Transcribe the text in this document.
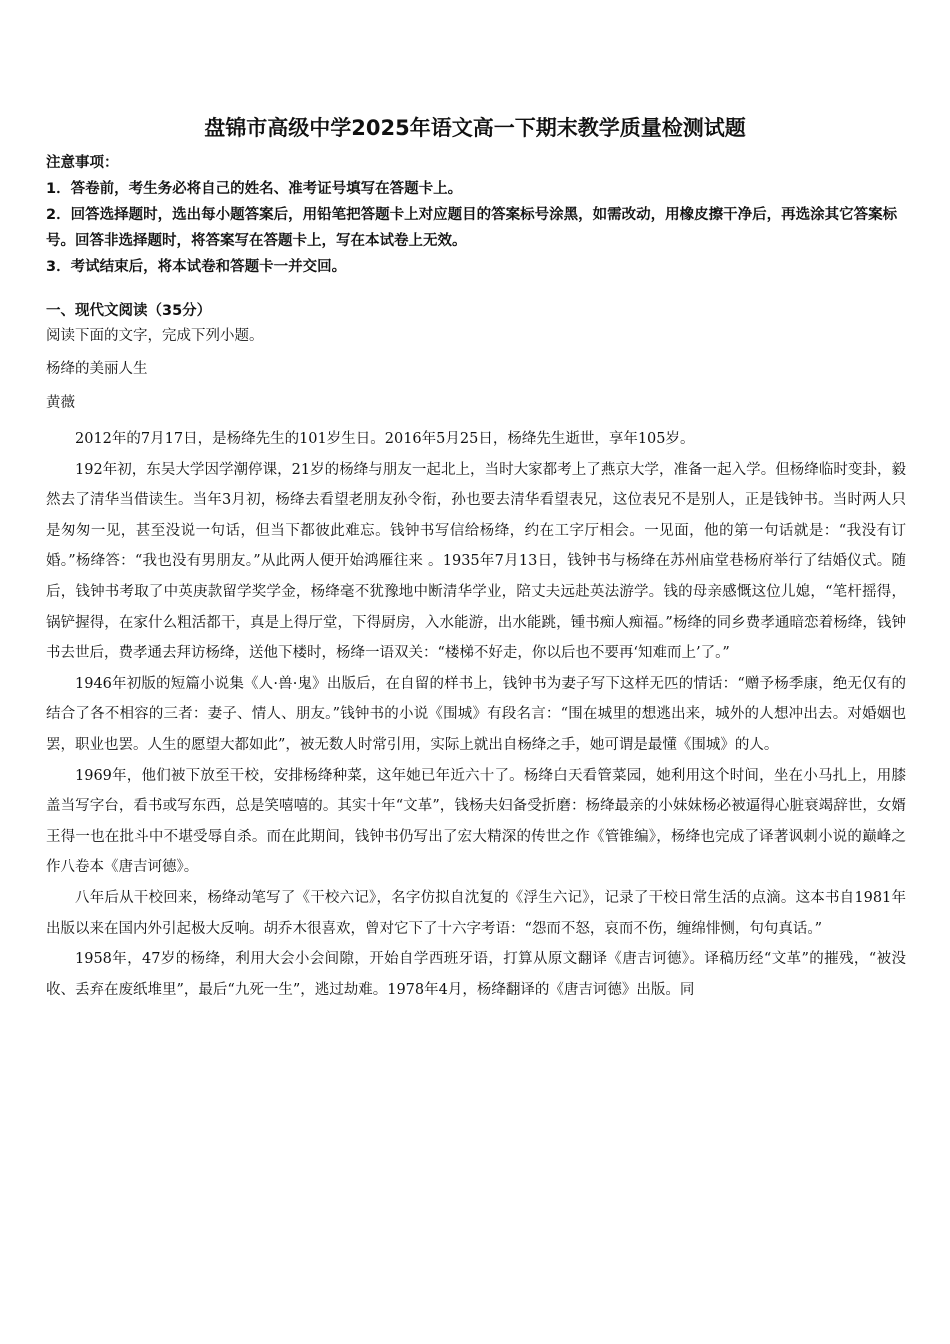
盘锦市高级中学2025年语文高一下期末教学质量检测试题

注意事项：

1．答卷前，考生务必将自己的姓名、准考证号填写在答题卡上。

2．回答选择题时，选出每小题答案后，用铅笔把答题卡上对应题目的答案标号涂黑，如需改动，用橡皮擦干净后，再选涂其它答案标号。回答非选择题时，将答案写在答题卡上，写在本试卷上无效。

3．考试结束后，将本试卷和答题卡一并交回。

一、现代文阅读（35分）
阅读下面的文字，完成下列小题。
杨绛的美丽人生
黄薇

2012年的7月17日，是杨绛先生的101岁生日。2016年5月25日，杨绛先生逝世，享年105岁。

192年初，东吴大学因学潮停课，21岁的杨绛与朋友一起北上，当时大家都考上了燕京大学，准备一起入学。但杨绛临时变卦，毅然去了清华当借读生。当年3月初，杨绛去看望老朋友孙令衔，孙也要去清华看望表兄，这位表兄不是别人，正是钱钟书。当时两人只是匆匆一见，甚至没说一句话，但当下都彼此难忘。钱钟书写信给杨绛，约在工字厅相会。一见面，他的第一句话就是：“我没有订婚。”杨绛答：“我也没有男朋友。”从此两人便开始鸿雁往来 。1935年7月13日，钱钟书与杨绛在苏州庙堂巷杨府举行了结婚仪式。随后，钱钟书考取了中英庚款留学奖学金，杨绛毫不犹豫地中断清华学业，陪丈夫远赴英法游学。钱的母亲感慨这位儿媳，“笔杆摇得，锅铲握得，在家什么粗活都干，真是上得厅堂，下得厨房，入水能游，出水能跳，锺书痴人痴福。”杨绛的同乡费孝通暗恋着杨绛，钱钟书去世后，费孝通去拜访杨绛，送他下楼时，杨绛一语双关：“楼梯不好走，你以后也不要再‘知难而上’了。”

1946年初版的短篇小说集《人·兽·鬼》出版后，在自留的样书上，钱钟书为妻子写下这样无匹的情话：“赠予杨季康，绝无仅有的结合了各不相容的三者：妻子、情人、朋友。”钱钟书的小说《围城》有段名言：“围在城里的想逃出来，城外的人想冲出去。对婚姻也罢，职业也罢。人生的愿望大都如此”，被无数人时常引用，实际上就出自杨绛之手，她可谓是最懂《围城》的人。

1969年，他们被下放至干校，安排杨绛种菜，这年她已年近六十了。杨绛白天看管菜园，她利用这个时间，坐在小马扎上，用膝盖当写字台，看书或写东西，总是笑嘻嘻的。其实十年“文革”，钱杨夫妇备受折磨：杨绛最亲的小妹妹杨必被逼得心脏衰竭辞世，女婿王得一也在批斗中不堪受辱自杀。而在此期间，钱钟书仍写出了宏大精深的传世之作《管锥编》，杨绛也完成了译著讽刺小说的巅峰之作八卷本《唐吉诃德》。

八年后从干校回来，杨绛动笔写了《干校六记》，名字仿拟自沈复的《浮生六记》，记录了干校日常生活的点滴。这本书自1981年出版以来在国内外引起极大反响。胡乔木很喜欢，曾对它下了十六字考语：“怨而不怒，哀而不伤，缠绵悱恻，句句真话。”

1958年，47岁的杨绛，利用大会小会间隙，开始自学西班牙语，打算从原文翻译《唐吉诃德》。译稿历经“文革”的摧残，“被没收、丢弃在废纸堆里”，最后“九死一生”，逃过劫难。1978年4月，杨绛翻译的《唐吉诃德》出版。同
